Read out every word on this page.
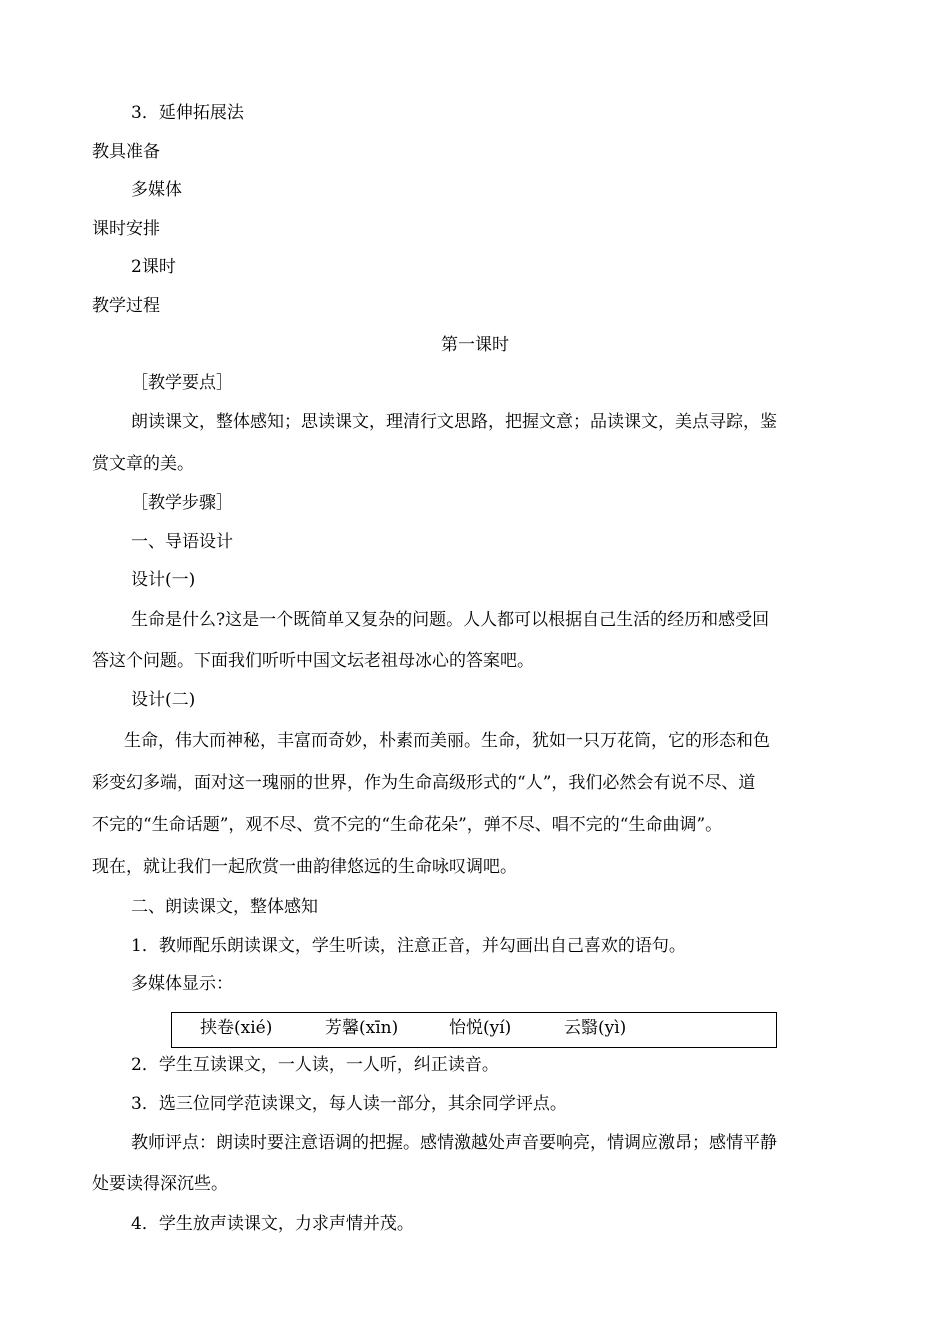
3．延伸拓展法
教具准备
多媒体
课时安排
2课时
教学过程
第一课时
［教学要点］
朗读课文，整体感知；思读课文，理清行文思路，把握文意；品读课文，美点寻踪，鉴
赏文章的美。
［教学步骤］
一、导语设计
设计(一)
生命是什么?这是一个既简单又复杂的问题。人人都可以根据自己生活的经历和感受回
答这个问题。下面我们听听中国文坛老祖母冰心的答案吧。
设计(二)
生命，伟大而神秘，丰富而奇妙，朴素而美丽。生命，犹如一只万花筒，它的形态和色
彩变幻多端，面对这一瑰丽的世界，作为生命高级形式的“人”，我们必然会有说不尽、道
不完的“生命话题”，观不尽、赏不完的“生命花朵”，弹不尽、唱不完的“生命曲调”。
现在，就让我们一起欣赏一曲韵律悠远的生命咏叹调吧。
二、朗读课文，整体感知
1．教师配乐朗读课文，学生听读，注意正音，并勾画出自己喜欢的语句。
多媒体显示：
挟卷(xié)	芳馨(xīn)	怡悦(yí)	云翳(yì)
2．学生互读课文，一人读，一人听，纠正读音。
3．选三位同学范读课文，每人读一部分，其余同学评点。
教师评点：朗读时要注意语调的把握。感情激越处声音要响亮，情调应激昂；感情平静
处要读得深沉些。
4．学生放声读课文，力求声情并茂。
